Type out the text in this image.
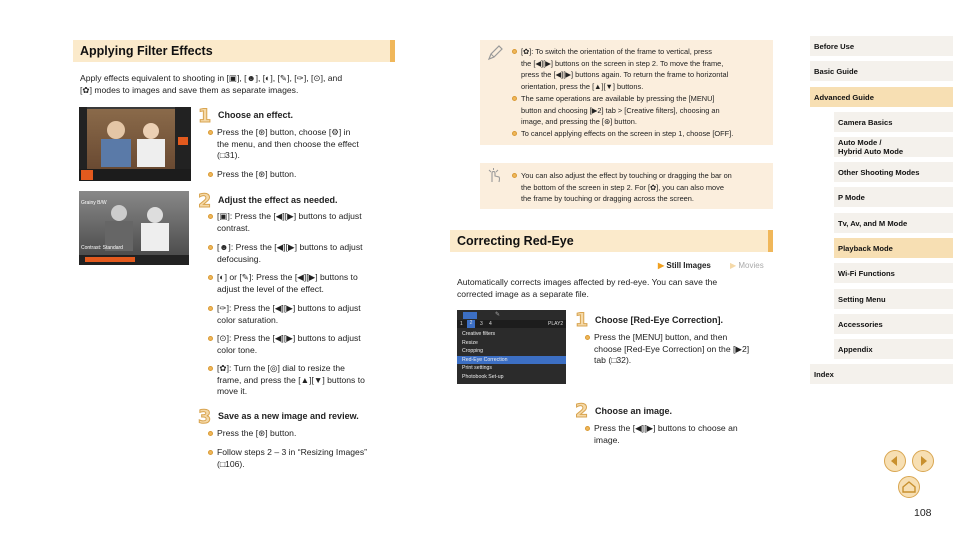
Applying Filter Effects

Apply effects equivalent to shooting in [▣], [☻], [◐], [✎], [✑], [⊙], and

[✿] modes to images and save them as separate images.

1 Choose an effect.

Press the [⊛] button, choose [⚙] in

the menu, and then choose the effect

(□31).

Press the [⊛] button.

Grainy B/W
Contrast: Standard
2 Adjust the effect as needed.

[▣]: Press the [◀][▶] buttons to adjust

contrast.

[☻]: Press the [◀][▶] buttons to adjust

defocusing.

[◐] or [✎]: Press the [◀][▶] buttons to

adjust the level of the effect.

[✑]: Press the [◀][▶] buttons to adjust

color saturation.

[⊙]: Press the [◀][▶] buttons to adjust

color tone.

[✿]: Turn the [◎] dial to resize the

frame, and press the [▲][▼] buttons to

move it.

3 Save as a new image and review.

Press the [⊛] button.

Follow steps 2 – 3 in “Resizing Images”

(□106).

[✿]: To switch the orientation of the frame to vertical, press

the [◀][▶] buttons on the screen in step 2. To move the frame,

press the [◀][▶] buttons again. To return the frame to horizontal

orientation, press the [▲][▼] buttons.

The same operations are available by pressing the [MENU]

button and choosing [▶2] tab > [Creative filters], choosing an

image, and pressing the [⊛] button.

To cancel applying effects on the screen in step 1, choose [OFF].

You can also adjust the effect by touching or dragging the bar on

the bottom of the screen in step 2. For [✿], you can also move

the frame by touching or dragging across the screen.

Correcting Red-Eye
▶ Still Images ▶ Movies

Automatically corrects images affected by red-eye. You can save the

corrected image as a separate file.

✎
1	2	3 4	PLAY2
Creative filters
Resize
Cropping
Red-Eye Correction
Print settings
Photobook Set-up
1 Choose [Red-Eye Correction].

Press the [MENU] button, and then

choose [Red-Eye Correction] on the [▶2]

tab (□32).

2 Choose an image.

Press the [◀][▶] buttons to choose an

image.

Before Use
Basic Guide
Advanced Guide
Camera Basics
Auto Mode /
Hybrid Auto Mode
Other Shooting Modes
P Mode
Tv, Av, and M Mode
Playback Mode
Wi-Fi Functions
Setting Menu
Accessories
Appendix
Index
108
